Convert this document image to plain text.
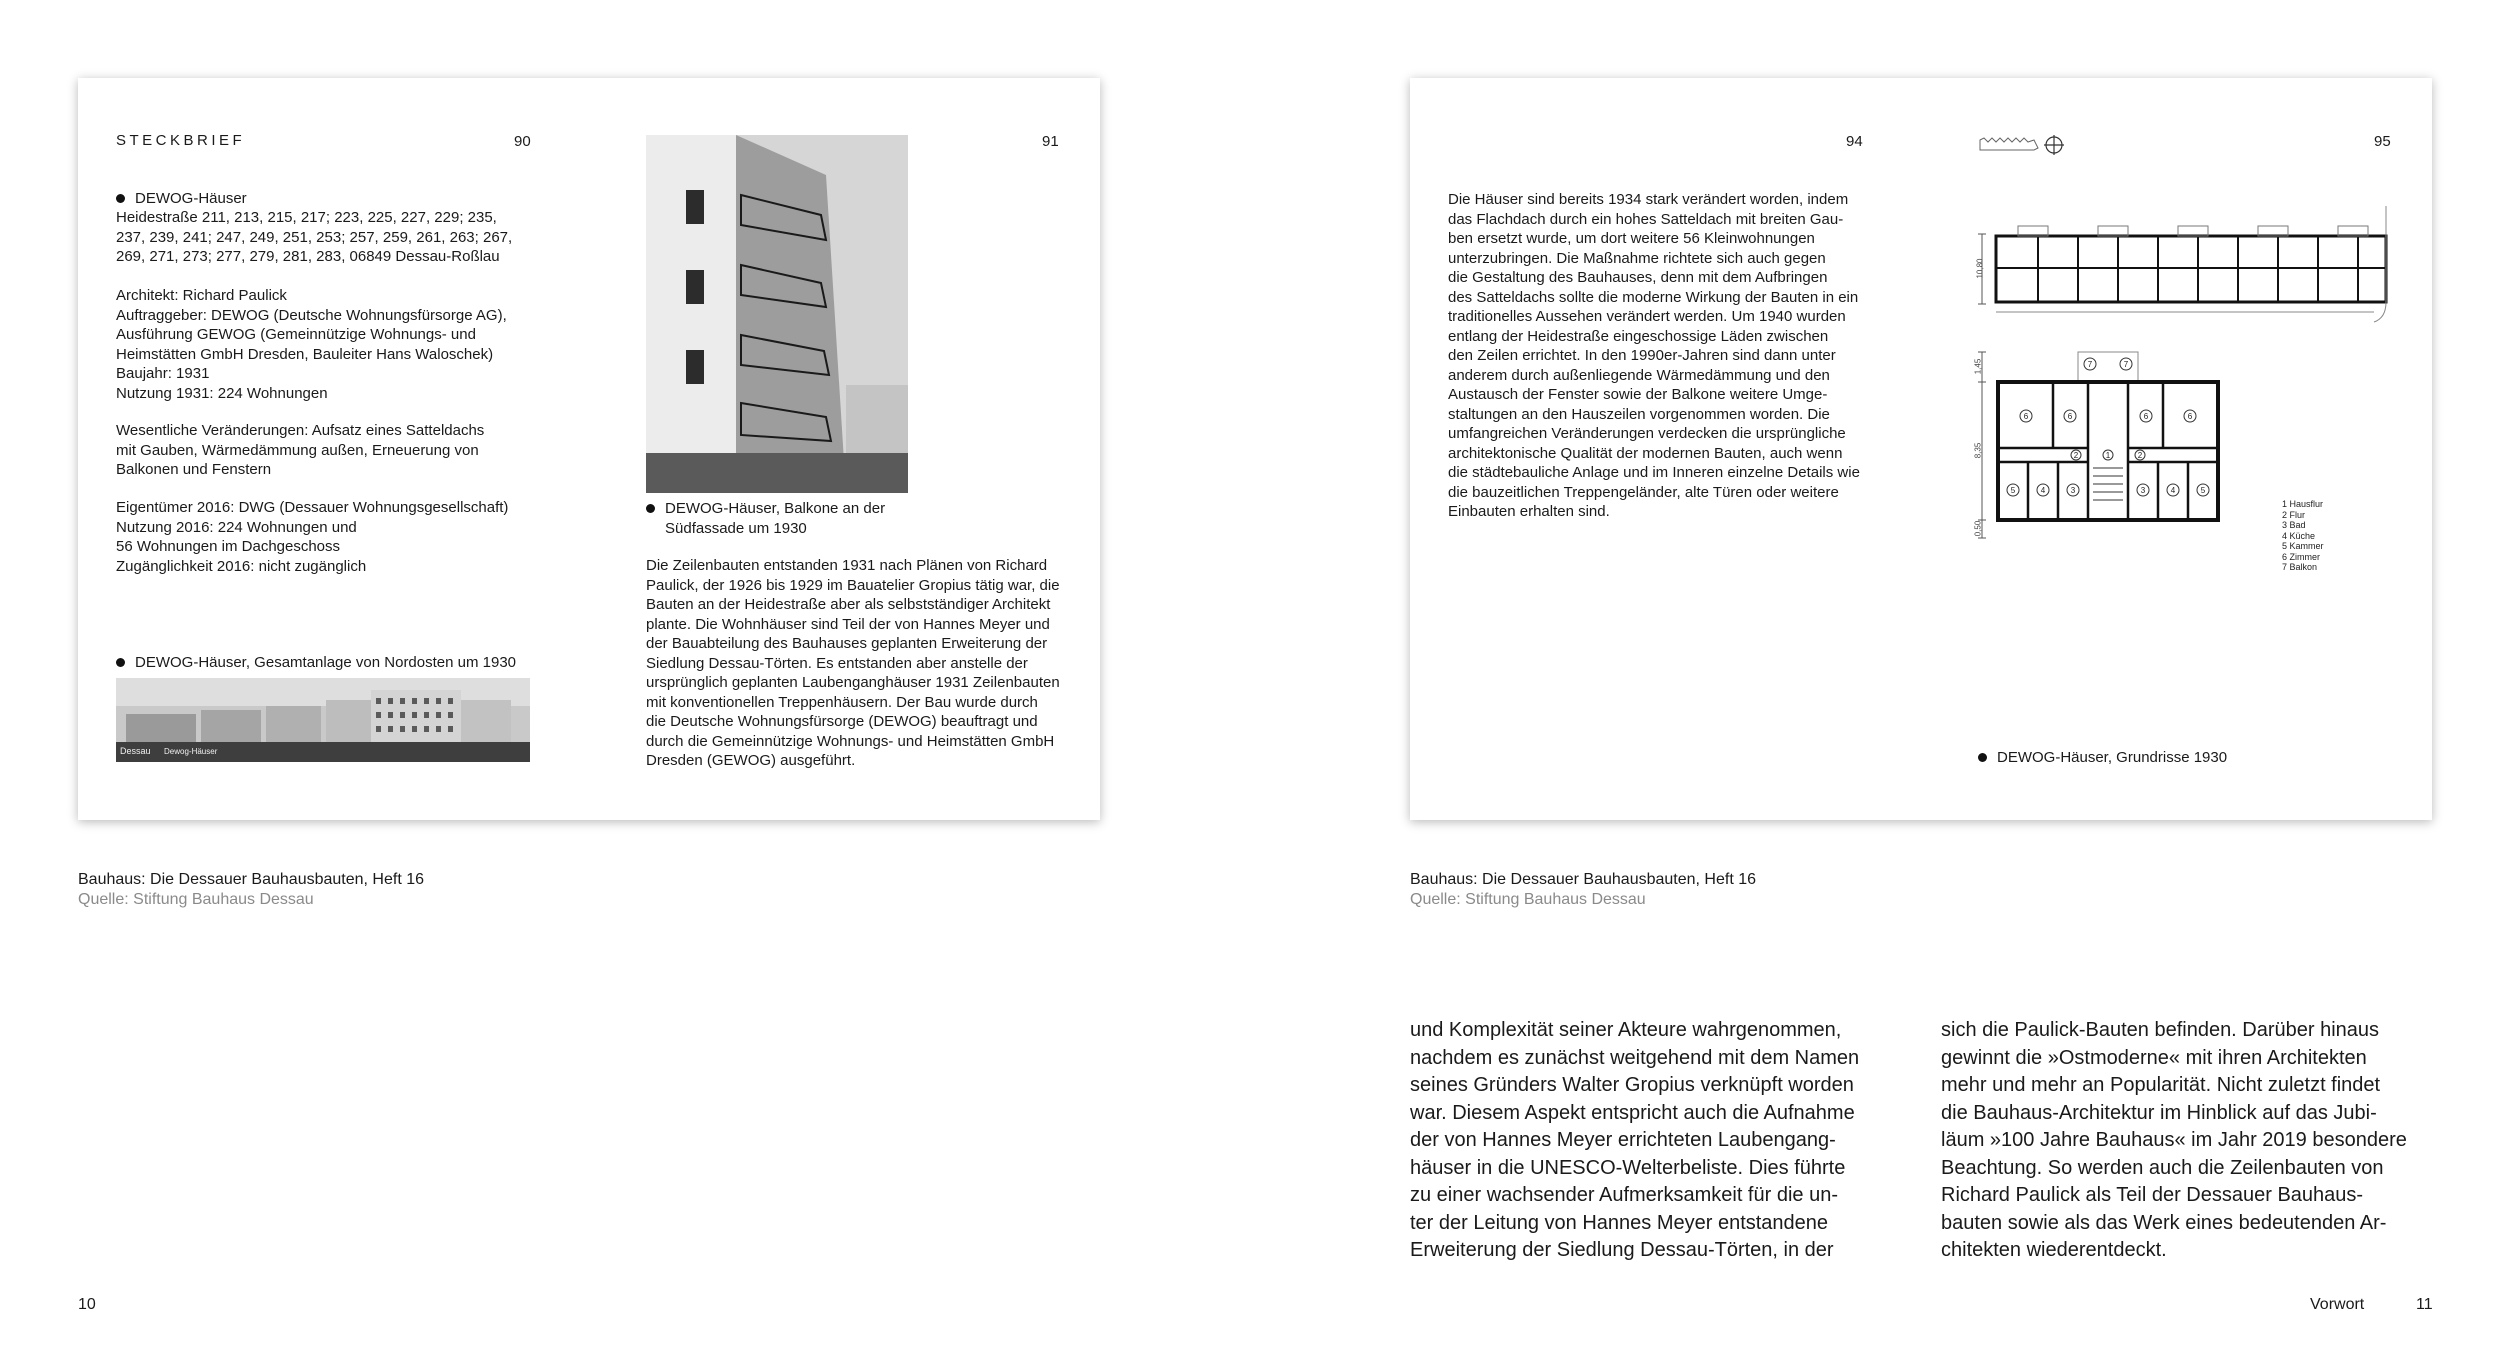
STECKBRIEF	90	91
DEWOG-Häuser
Heidestraße 211, 213, 215, 217; 223, 225, 227, 229; 235,
237, 239, 241; 247, 249, 251, 253; 257, 259, 261, 263; 267,
269, 271, 273; 277, 279, 281, 283, 06849 Dessau-Roßlau
Architekt: Richard Paulick
Auftraggeber: DEWOG (Deutsche Wohnungsfürsorge AG),
Ausführung GEWOG (Gemeinnützige Wohnungs- und
Heimstätten GmbH Dresden, Bauleiter Hans Waloschek)
Baujahr: 1931
Nutzung 1931: 224 Wohnungen
Wesentliche Veränderungen: Aufsatz eines Satteldachs
mit Gauben, Wärmedämmung außen, Erneuerung von
Balkonen und Fenstern
Eigentümer 2016: DWG (Dessauer Wohnungsgesellschaft)
Nutzung 2016: 224 Wohnungen und
56 Wohnungen im Dachgeschoss
Zugänglichkeit 2016: nicht zugänglich
DEWOG-Häuser, Gesamtanlage von Nordosten um 1930
Dessau Dewog-Häuser
DEWOG-Häuser, Balkone an der
Südfassade um 1930
Die Zeilenbauten entstanden 1931 nach Plänen von Richard
Paulick, der 1926 bis 1929 im Bauatelier Gropius tätig war, die
Bauten an der Heidestraße aber als selbstständiger Architekt
plante. Die Wohnhäuser sind Teil der von Hannes Meyer und
der Bauabteilung des Bauhauses geplanten Erweiterung der
Siedlung Dessau-Törten. Es entstanden aber anstelle der
ursprünglich geplanten Laubenganghäuser 1931 Zeilenbauten
mit konventionellen Treppenhäusern. Der Bau wurde durch
die Deutsche Wohnungsfürsorge (DEWOG) beauftragt und
durch die Gemeinnützige Wohnungs- und Heimstätten GmbH
Dresden (GEWOG) ausgeführt.
94	95
Die Häuser sind bereits 1934 stark verändert worden, indem
das Flachdach durch ein hohes Satteldach mit breiten Gau-
ben ersetzt wurde, um dort weitere 56 Kleinwohnungen
unterzubringen. Die Maßnahme richtete sich auch gegen
die Gestaltung des Bauhauses, denn mit dem Aufbringen
des Satteldachs sollte die moderne Wirkung der Bauten in ein
traditionelles Aussehen verändert werden. Um 1940 wurden
entlang der Heidestraße eingeschossige Läden zwischen
den Zeilen errichtet. In den 1990er-Jahren sind dann unter
anderem durch außenliegende Wärmedämmung und den
Austausch der Fenster sowie der Balkone weitere Umge-
staltungen an den Hauszeilen vorgenommen worden. Die
umfangreichen Veränderungen verdecken die ursprüngliche
architektonische Qualität der modernen Bauten, auch wenn
die städtebauliche Anlage und im Inneren einzelne Details wie
die bauzeitlichen Treppengeländer, alte Türen oder weitere
Einbauten erhalten sind.
10,80
7	7
6	6	6	6
2	2
1
5	4	3	3	4	5
1,45
8,35
0,50
1 Hausflur
2 Flur
3 Bad
4 Küche
5 Kammer
6 Zimmer
7 Balkon
DEWOG-Häuser, Grundrisse 1930
Bauhaus: Die Dessauer Bauhausbauten, Heft 16
Quelle: Stiftung Bauhaus Dessau
Bauhaus: Die Dessauer Bauhausbauten, Heft 16
Quelle: Stiftung Bauhaus Dessau
und Komplexität seiner Akteure wahrgenommen,
nachdem es zunächst weitgehend mit dem Namen
seines Gründers Walter Gropius verknüpft worden
war. Diesem Aspekt entspricht auch die Aufnahme
der von Hannes Meyer errichteten Laubengang-
häuser in die UNESCO-Welterbeliste. Dies führte
zu einer wachsender Aufmerksamkeit für die un-
ter der Leitung von Hannes Meyer entstandene
Erweiterung der Siedlung Dessau-Törten, in der
sich die Paulick-Bauten befinden. Darüber hinaus
gewinnt die »Ostmoderne« mit ihren Architekten
mehr und mehr an Popularität. Nicht zuletzt findet
die Bauhaus-Architektur im Hinblick auf das Jubi-
läum »100 Jahre Bauhaus« im Jahr 2019 besondere
Beachtung. So werden auch die Zeilenbauten von
Richard Paulick als Teil der Dessauer Bauhaus-
bauten sowie als das Werk eines bedeutenden Ar-
chitekten wiederentdeckt.
10	Vorwort	11
